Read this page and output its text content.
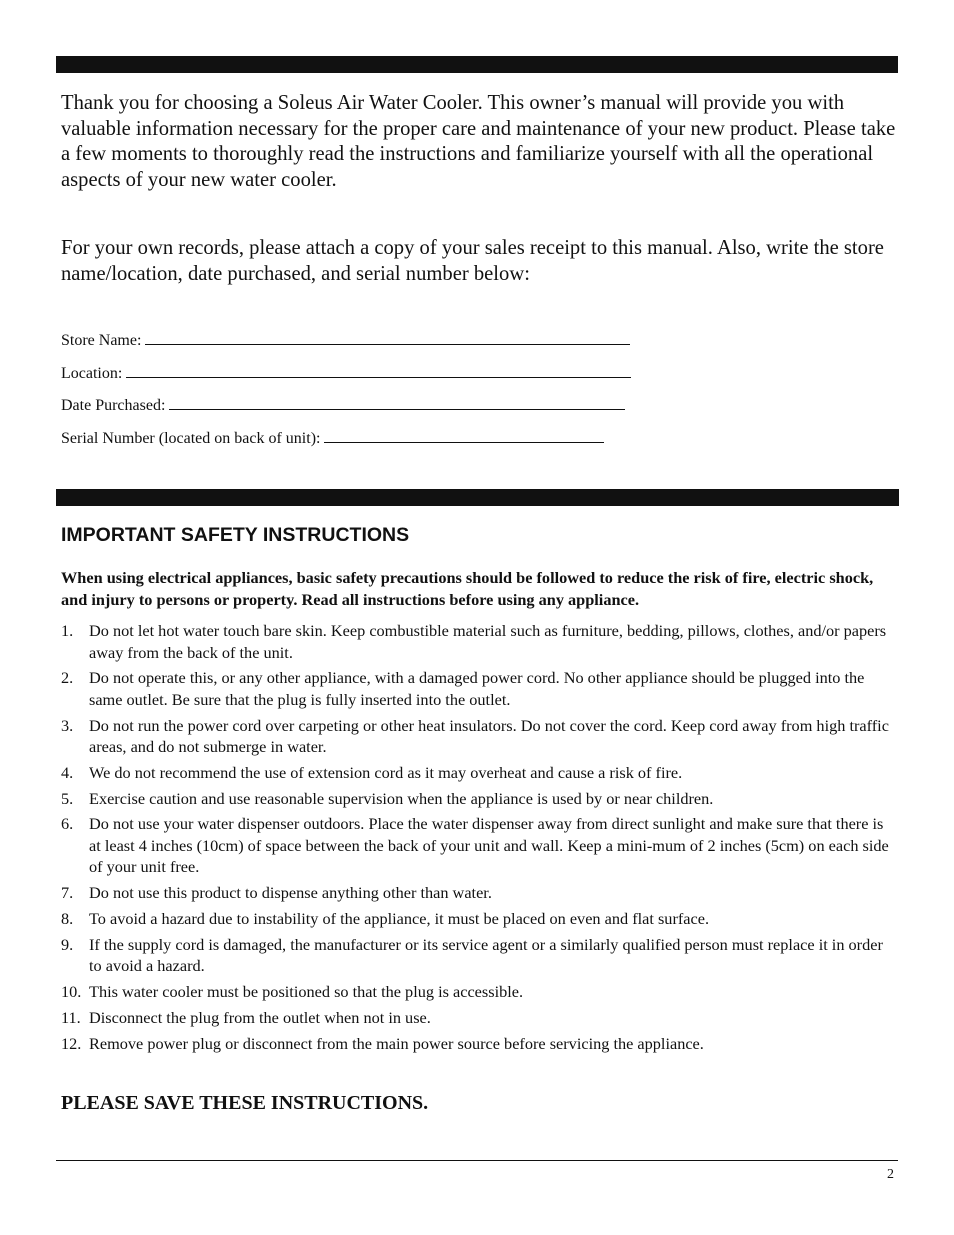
Thank you for choosing a Soleus Air Water Cooler. This owner’s manual will provide you with valuable information necessary for the proper care and maintenance of your new product. Please take a few moments to thoroughly read the instructions and familiarize yourself with all the operational aspects of your new water cooler.

For your own records, please attach a copy of your sales receipt to this manual. Also, write the store name/location, date purchased, and serial number below:

Store Name:
Location:
Date Purchased:
Serial Number (located on back of unit):
IMPORTANT SAFETY INSTRUCTIONS

When using electrical appliances, basic safety precautions should be followed to reduce the risk of fire, electric shock, and injury to persons or property. Read all instructions before using any appliance.

1. Do not let hot water touch bare skin. Keep combustible material such as furniture, bedding, pillows, clothes, and/or papers away from the back of the unit.
2. Do not operate this, or any other appliance, with a damaged power cord. No other appliance should be plugged into the same outlet. Be sure that the plug is fully inserted into the outlet.
3. Do not run the power cord over carpeting or other heat insulators. Do not cover the cord. Keep cord away from high traffic areas, and do not submerge in water.
4. We do not recommend the use of extension cord as it may overheat and cause a risk of fire.
5. Exercise caution and use reasonable supervision when the appliance is used by or near children.
6. Do not use your water dispenser outdoors. Place the water dispenser away from direct sunlight and make sure that there is at least 4 inches (10cm) of space between the back of your unit and wall. Keep a mini-mum of 2 inches (5cm) on each side of your unit free.
7. Do not use this product to dispense anything other than water.
8. To avoid a hazard due to instability of the appliance, it must be placed on even and flat surface.
9. If the supply cord is damaged, the manufacturer or its service agent or a similarly qualified person must replace it in order to avoid a hazard.
10. This water cooler must be positioned so that the plug is accessible.
11. Disconnect the plug from the outlet when not in use.
12. Remove power plug or disconnect from the main power source before servicing the appliance.

PLEASE SAVE THESE INSTRUCTIONS.

2
